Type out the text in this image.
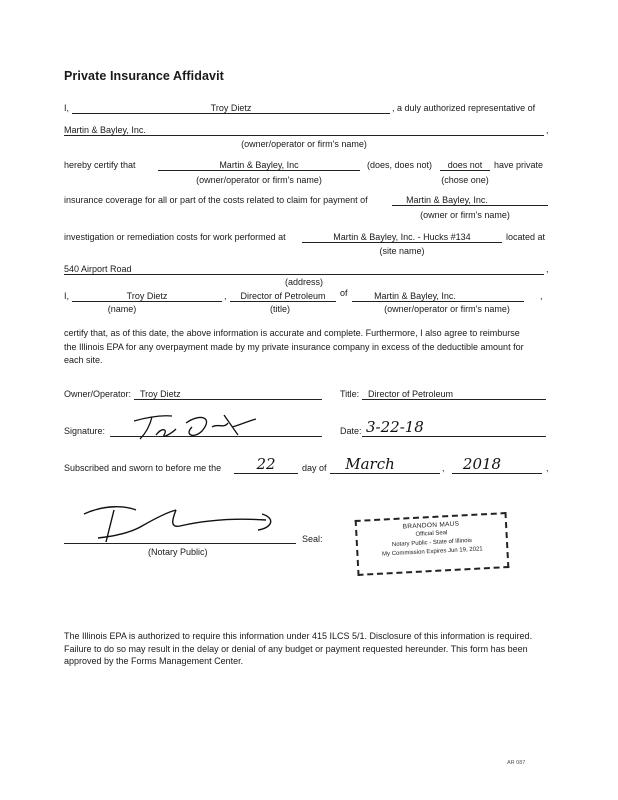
Private Insurance Affidavit
I,	Troy Dietz	, a duly authorized representative of
Martin & Bayley, Inc.	,
(owner/operator or firm's name)
hereby certify that	Martin & Bayley, Inc	(does, does not)	does not	have private
(owner/operator or firm's name)	(chose one)
insurance coverage for all or part of the costs related to claim for payment of	Martin & Bayley, Inc.
(owner or firm's name)
investigation or remediation costs for work performed at	Martin & Bayley, Inc. - Hucks #134	located at
(site name)
540 Airport Road	,
(address)
I,	Troy Dietz	,	Director of Petroleum	of	Martin & Bayley, Inc.	,
(name)	(title)	(owner/operator or firm's name)
certify that, as of this date, the above information is accurate and complete. Furthermore, I also agree to reimburse the Illinois EPA for any overpayment made by my private insurance company in excess of the deductible amount for each site.
Owner/Operator: Troy Dietz	Title: Director of Petroleum
Signature:	Date: 3-22-18
Subscribed and sworn to before me the	22	day of	March	,	2018	,
(Notary Public)
Seal:
BRANDON MAUS
Official Seal
Notary Public - State of Illinois
My Commission Expires Jun 19, 2021
The Illinois EPA is authorized to require this information under 415 ILCS 5/1. Disclosure of this information is required. Failure to do so may result in the delay or denial of any budget or payment requested hereunder. This form has been approved by the Forms Management Center.
AR 087
